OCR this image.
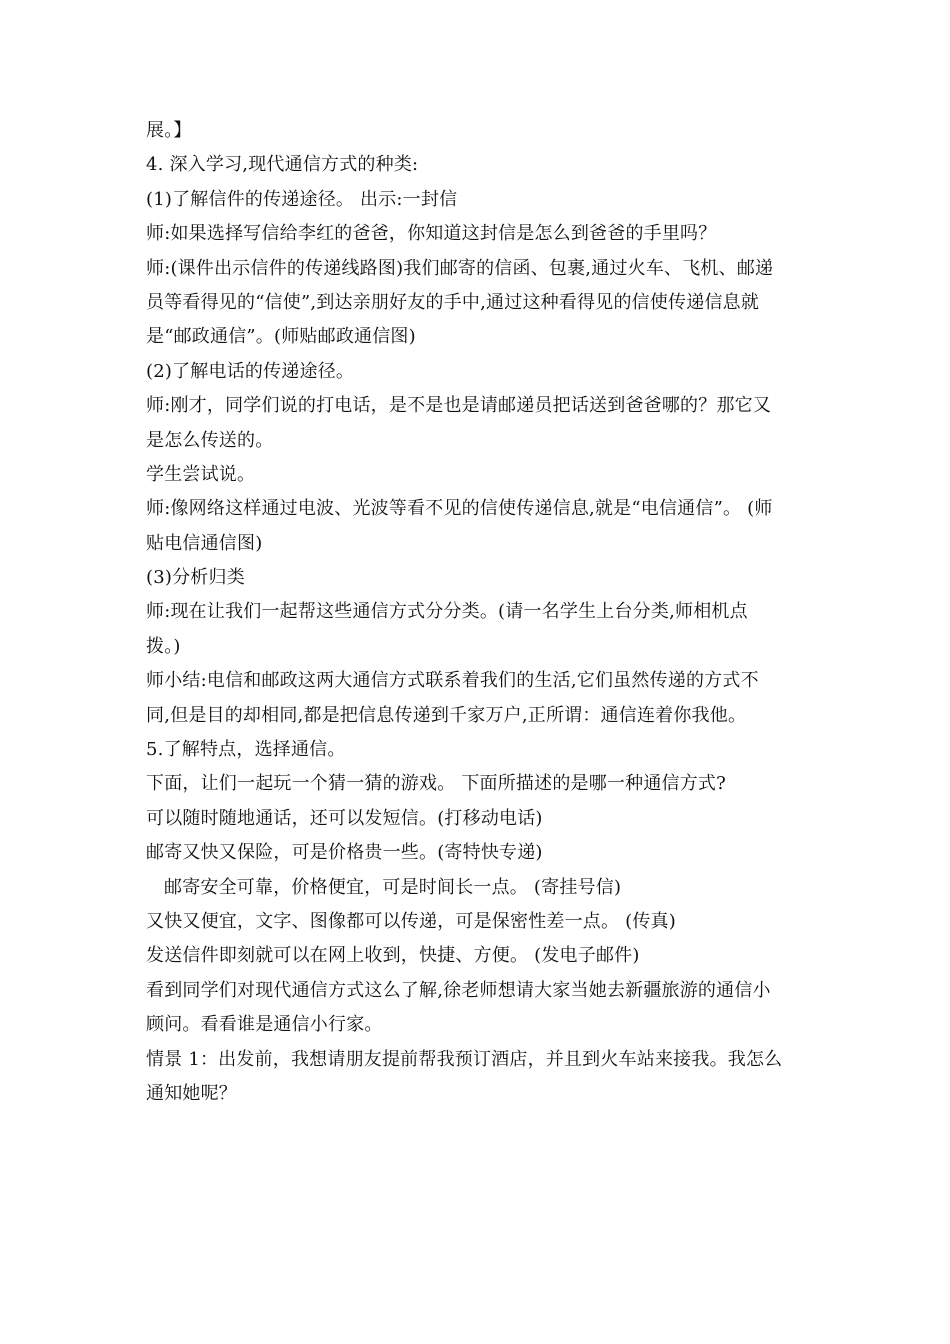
展。】
4. 深入学习,现代通信方式的种类:
(1)了解信件的传递途径。 出示:一封信
师:如果选择写信给李红的爸爸，你知道这封信是怎么到爸爸的手里吗？
师:(课件出示信件的传递线路图)我们邮寄的信函、包裹,通过火车、飞机、邮递
员等看得见的“信使”,到达亲朋好友的手中,通过这种看得见的信使传递信息就
是“邮政通信”。(师贴邮政通信图)
(2)了解电话的传递途径。
师:刚才，同学们说的打电话，是不是也是请邮递员把话送到爸爸哪的？那它又
是怎么传送的。
学生尝试说。
师:像网络这样通过电波、光波等看不见的信使传递信息,就是“电信通信”。 (师
贴电信通信图)
(3)分析归类
师:现在让我们一起帮这些通信方式分分类。(请一名学生上台分类,师相机点
拨。)
师小结:电信和邮政这两大通信方式联系着我们的生活,它们虽然传递的方式不
同,但是目的却相同,都是把信息传递到千家万户,正所谓：通信连着你我他。
5.了解特点，选择通信。
下面，让们一起玩一个猜一猜的游戏。 下面所描述的是哪一种通信方式?
可以随时随地通话，还可以发短信。(打移动电话)
邮寄又快又保险，可是价格贵一些。(寄特快专递)
邮寄安全可靠，价格便宜，可是时间长一点。 (寄挂号信)
又快又便宜，文字、图像都可以传递，可是保密性差一点。 (传真)
发送信件即刻就可以在网上收到，快捷、方便。 (发电子邮件)
看到同学们对现代通信方式这么了解,徐老师想请大家当她去新疆旅游的通信小
顾问。看看谁是通信小行家。
情景 1：出发前，我想请朋友提前帮我预订酒店，并且到火车站来接我。我怎么
通知她呢？
